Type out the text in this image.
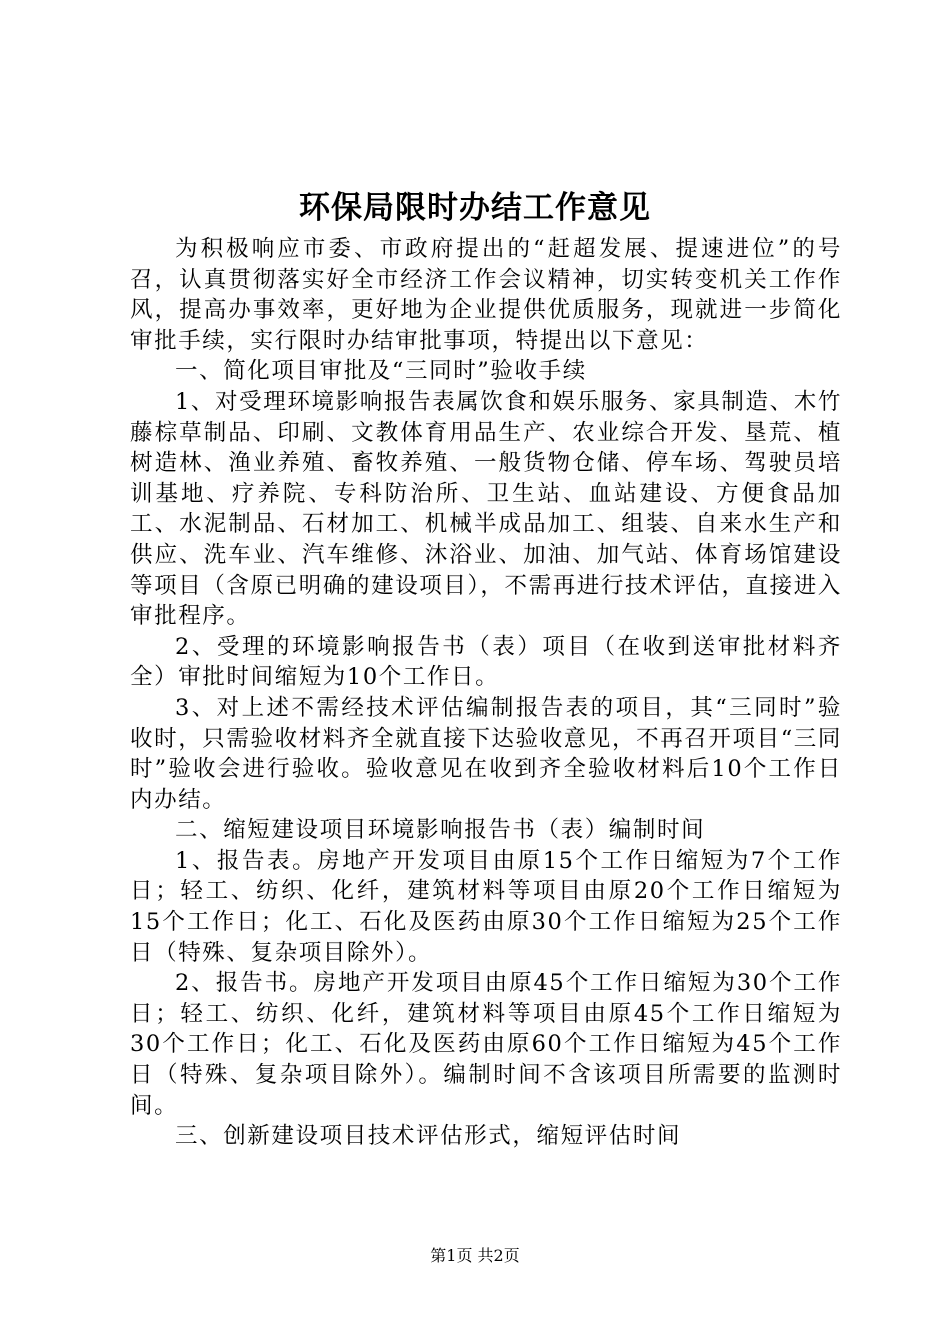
环保局限时办结工作意见

为积极响应市委、市政府提出的“赶超发展、提速进位”的号召，认真贯彻落实好全市经济工作会议精神，切实转变机关工作作风，提高办事效率，更好地为企业提供优质服务，现就进一步简化审批手续，实行限时办结审批事项，特提出以下意见：

一、简化项目审批及“三同时”验收手续

1、对受理环境影响报告表属饮食和娱乐服务、家具制造、木竹藤棕草制品、印刷、文教体育用品生产、农业综合开发、垦荒、植树造林、渔业养殖、畜牧养殖、一般货物仓储、停车场、驾驶员培训基地、疗养院、专科防治所、卫生站、血站建设、方便食品加工、水泥制品、石材加工、机械半成品加工、组装、自来水生产和供应、洗车业、汽车维修、沐浴业、加油、加气站、体育场馆建设等项目（含原已明确的建设项目），不需再进行技术评估，直接进入审批程序。

2、受理的环境影响报告书（表）项目（在收到送审批材料齐全）审批时间缩短为10个工作日。

3、对上述不需经技术评估编制报告表的项目，其“三同时”验收时，只需验收材料齐全就直接下达验收意见，不再召开项目“三同时”验收会进行验收。验收意见在收到齐全验收材料后10个工作日内办结。

二、缩短建设项目环境影响报告书（表）编制时间

1、报告表。房地产开发项目由原15个工作日缩短为7个工作日；轻工、纺织、化纤，建筑材料等项目由原20个工作日缩短为15个工作日；化工、石化及医药由原30个工作日缩短为25个工作日（特殊、复杂项目除外）。

2、报告书。房地产开发项目由原45个工作日缩短为30个工作日；轻工、纺织、化纤，建筑材料等项目由原45个工作日缩短为30个工作日；化工、石化及医药由原60个工作日缩短为45个工作日（特殊、复杂项目除外）。编制时间不含该项目所需要的监测时间。

三、创新建设项目技术评估形式，缩短评估时间

第1页 共2页
